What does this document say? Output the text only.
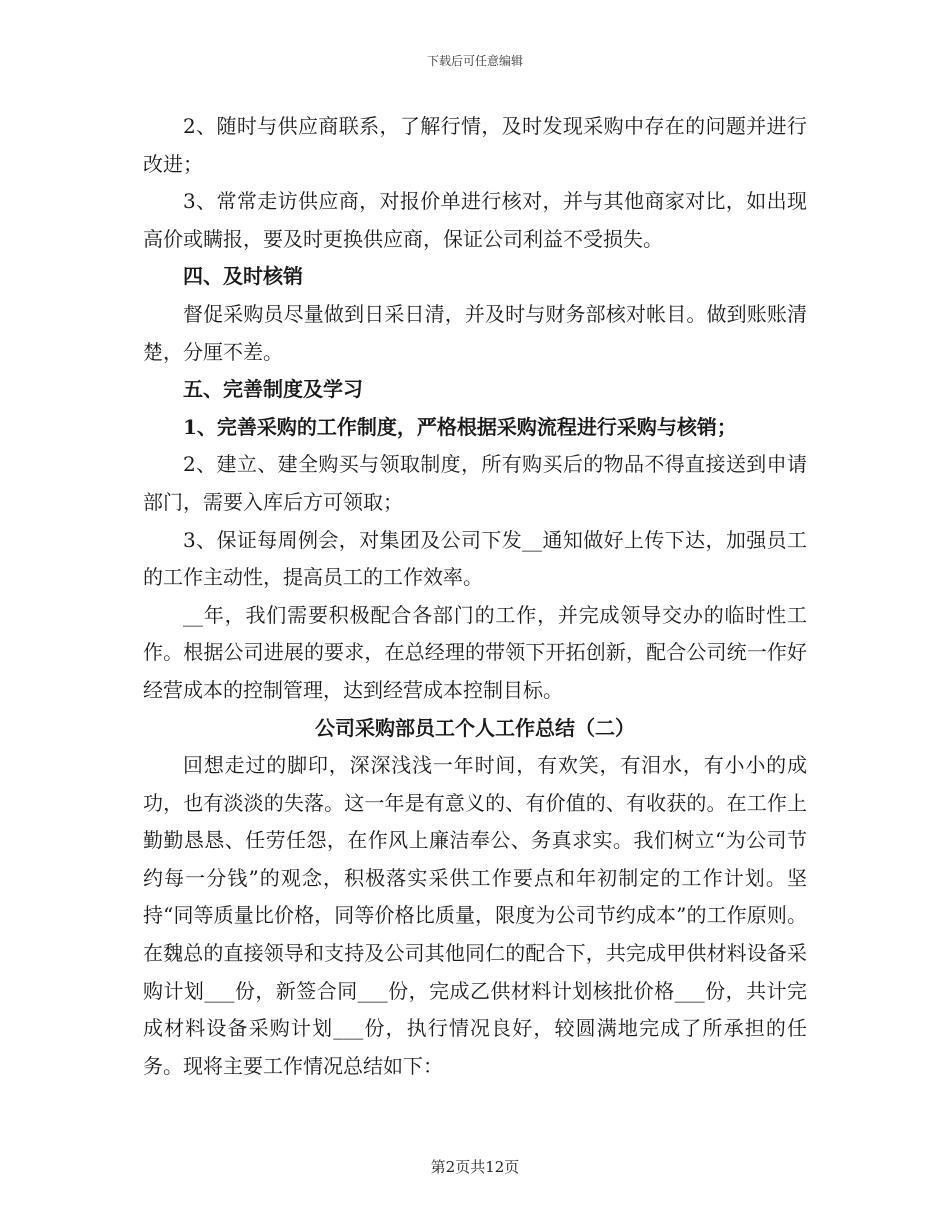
下载后可任意编辑

2、随时与供应商联系，了解行情，及时发现采购中存在的问题并进行改进；

3、常常走访供应商，对报价单进行核对，并与其他商家对比，如出现高价或瞒报，要及时更换供应商，保证公司利益不受损失。

四、及时核销

督促采购员尽量做到日采日清，并及时与财务部核对帐目。做到账账清楚，分厘不差。

五、完善制度及学习

1、完善采购的工作制度，严格根据采购流程进行采购与核销；

2、建立、建全购买与领取制度，所有购买后的物品不得直接送到申请部门，需要入库后方可领取；

3、保证每周例会，对集团及公司下发__通知做好上传下达，加强员工的工作主动性，提高员工的工作效率。

__年，我们需要积极配合各部门的工作，并完成领导交办的临时性工作。根据公司进展的要求，在总经理的带领下开拓创新，配合公司统一作好经营成本的控制管理，达到经营成本控制目标。

公司采购部员工个人工作总结（二）

回想走过的脚印，深深浅浅一年时间，有欢笑，有泪水，有小小的成功，也有淡淡的失落。这一年是有意义的、有价值的、有收获的。在工作上勤勤恳恳、任劳任怨，在作风上廉洁奉公、务真求实。我们树立“为公司节约每一分钱”的观念，积极落实采供工作要点和年初制定的工作计划。坚持“同等质量比价格，同等价格比质量，限度为公司节约成本”的工作原则。在魏总的直接领导和支持及公司其他同仁的配合下，共完成甲供材料设备采购计划___份，新签合同___份，完成乙供材料计划核批价格___份，共计完成材料设备采购计划___份，执行情况良好，较圆满地完成了所承担的任务。现将主要工作情况总结如下：

第2页共12页
